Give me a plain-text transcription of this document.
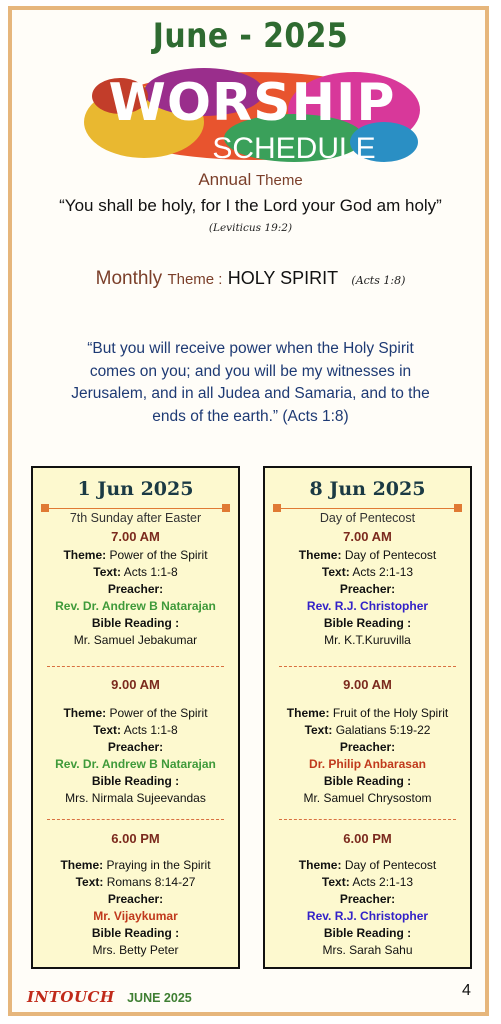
June - 2025
WORSHIP
SCHEDULE
Annual Theme
“You shall be holy, for I the Lord your God am holy”
(Leviticus 19:2)
Monthly Theme : HOLY SPIRIT (Acts 1:8)
“But you will receive power when the Holy Spirit
comes on you; and you will be my witnesses in
Jerusalem, and in all Judea and Samaria, and to the
ends of the earth.” (Acts 1:8)
1 Jun 2025
7th Sunday after Easter
7.00 AM
Theme: Power of the Spirit
Text: Acts 1:1-8
Preacher:
Rev. Dr. Andrew B Natarajan
Bible Reading :
Mr. Samuel Jebakumar
9.00 AM
Theme: Power of the Spirit
Text: Acts 1:1-8
Preacher:
Rev. Dr. Andrew B Natarajan
Bible Reading :
Mrs. Nirmala Sujeevandas
6.00 PM
Theme: Praying in the Spirit
Text: Romans 8:14-27
Preacher:
Mr. Vijaykumar
Bible Reading :
Mrs. Betty Peter
8 Jun 2025
Day of Pentecost
7.00 AM
Theme: Day of Pentecost
Text: Acts 2:1-13
Preacher:
Rev. R.J. Christopher
Bible Reading :
Mr. K.T.Kuruvilla
9.00 AM
Theme: Fruit of the Holy Spirit
Text: Galatians 5:19-22
Preacher:
Dr. Philip Anbarasan
Bible Reading :
Mr. Samuel Chrysostom
6.00 PM
Theme: Day of Pentecost
Text: Acts 2:1-13
Preacher:
Rev. R.J. Christopher
Bible Reading :
Mrs. Sarah Sahu
INTOUCH JUNE 2025	4
